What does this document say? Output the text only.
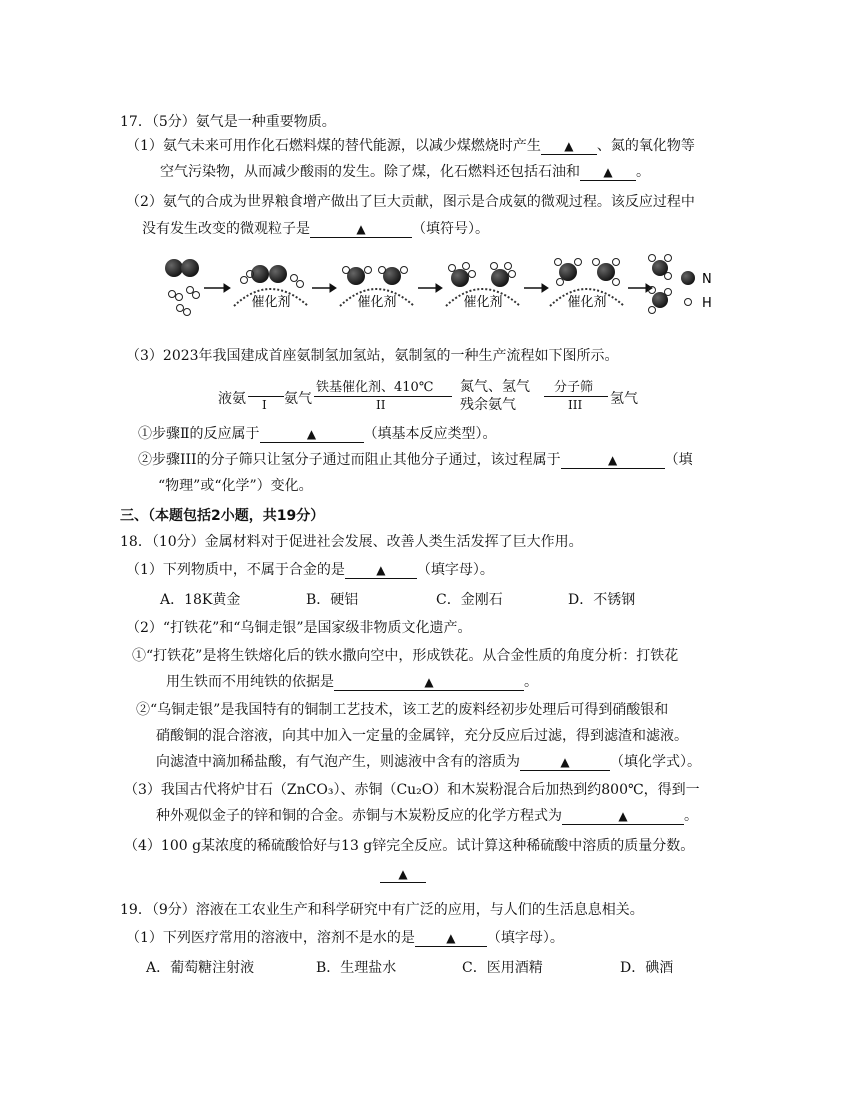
17．（5分）氨气是一种重要物质。
（1）氨气未来可用作化石燃料煤的替代能源，以减少煤燃烧时产生 ▲ 、氮的氧化物等
空气污染物，从而减少酸雨的发生。除了煤，化石燃料还包括石油和 ▲ 。
（2）氨气的合成为世界粮食增产做出了巨大贡献，图示是合成氨的微观过程。该反应过程中
没有发生改变的微观粒子是	▲	（填符号）。
催化剂	催化剂	催化剂	催化剂
N
H
（3）2023年我国建成首座氨制氢加氢站，氨制氢的一种生产流程如下图所示。
液氨 I 氨气
铁基催化剂、410℃
II
氮气、氢气
残余氨气
分子筛
III 氢气
①步骤Ⅱ的反应属于	▲	（填基本反应类型）。
②步骤III的分子筛只让氢分子通过而阻止其他分子通过，该过程属于	▲	（填
“物理”或“化学”）变化。
三、（本题包括2小题，共19分）
18．（10分）金属材料对于促进社会发展、改善人类生活发挥了巨大作用。
（1）下列物质中，不属于合金的是	▲ （填字母）。
A．18K黄金	B．硬铝	C．金刚石	D．不锈钢
（2）“打铁花”和“乌铜走银”是国家级非物质文化遗产。
①“打铁花”是将生铁熔化后的铁水撒向空中，形成铁花。从合金性质的角度分析：打铁花
用生铁而不用纯铁的依据是	▲	。
②“乌铜走银”是我国特有的铜制工艺技术，该工艺的废料经初步处理后可得到硝酸银和
硝酸铜的混合溶液，向其中加入一定量的金属锌，充分反应后过滤，得到滤渣和滤液。
向滤渣中滴加稀盐酸，有气泡产生，则滤液中含有的溶质为	▲	（填化学式）。
（3）我国古代将炉甘石（ZnCO₃）、赤铜（Cu₂O）和木炭粉混合后加热到约800℃，得到一
种外观似金子的锌和铜的合金。赤铜与木炭粉反应的化学方程式为	▲	。
（4）100 g某浓度的稀硫酸恰好与13 g锌完全反应。试计算这种稀硫酸中溶质的质量分数。
▲
19．（9分）溶液在工农业生产和科学研究中有广泛的应用，与人们的生活息息相关。
（1）下列医疗常用的溶液中，溶剂不是水的是	▲ （填字母）。
A．葡萄糖注射液	B．生理盐水	C．医用酒精	D．碘酒
